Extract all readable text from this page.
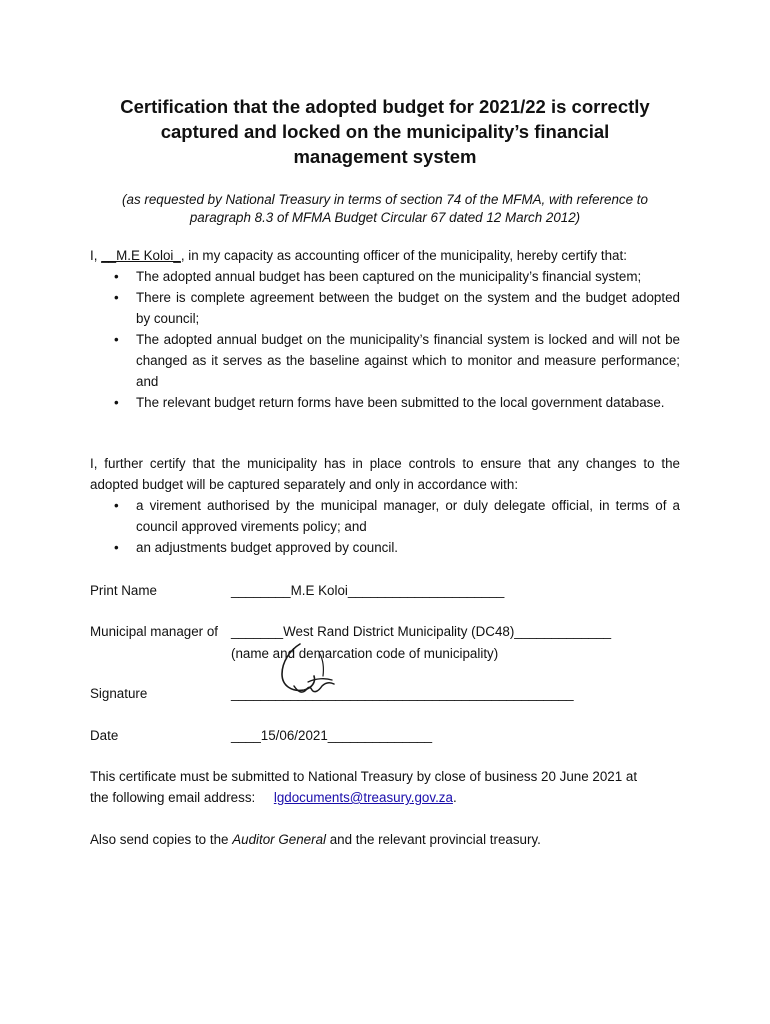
Certification that the adopted budget for 2021/22 is correctly
captured and locked on the municipality’s financial
management system

(as requested by National Treasury in terms of section 74 of the MFMA, with reference to
paragraph 8.3 of MFMA Budget Circular 67 dated 12 March 2012)

I, __M.E Koloi_, in my capacity as accounting officer of the municipality, hereby certify that:

• The adopted annual budget has been captured on the municipality’s financial system;
• There is complete agreement between the budget on the system and the budget adopted by council;
• The adopted annual budget on the municipality’s financial system is locked and will not be changed as it serves as the baseline against which to monitor and measure performance; and
• The relevant budget return forms have been submitted to the local government database.

I, further certify that the municipality has in place controls to ensure that any changes to the adopted budget will be captured separately and only in accordance with:

• a virement authorised by the municipal manager, or duly delegate official, in terms of a council approved virements policy; and
• an adjustments budget approved by council.
Print Name	________M.E Koloi_____________________
Municipal manager of _______West Rand District Municipality (DC48)_____________
(name and demarcation code of municipality)
Signature	______________________________________________
Date	____15/06/2021______________

This certificate must be submitted to National Treasury by close of business 20 June 2021 at
the following email address: lgdocuments@treasury.gov.za.

Also send copies to the Auditor General and the relevant provincial treasury.
